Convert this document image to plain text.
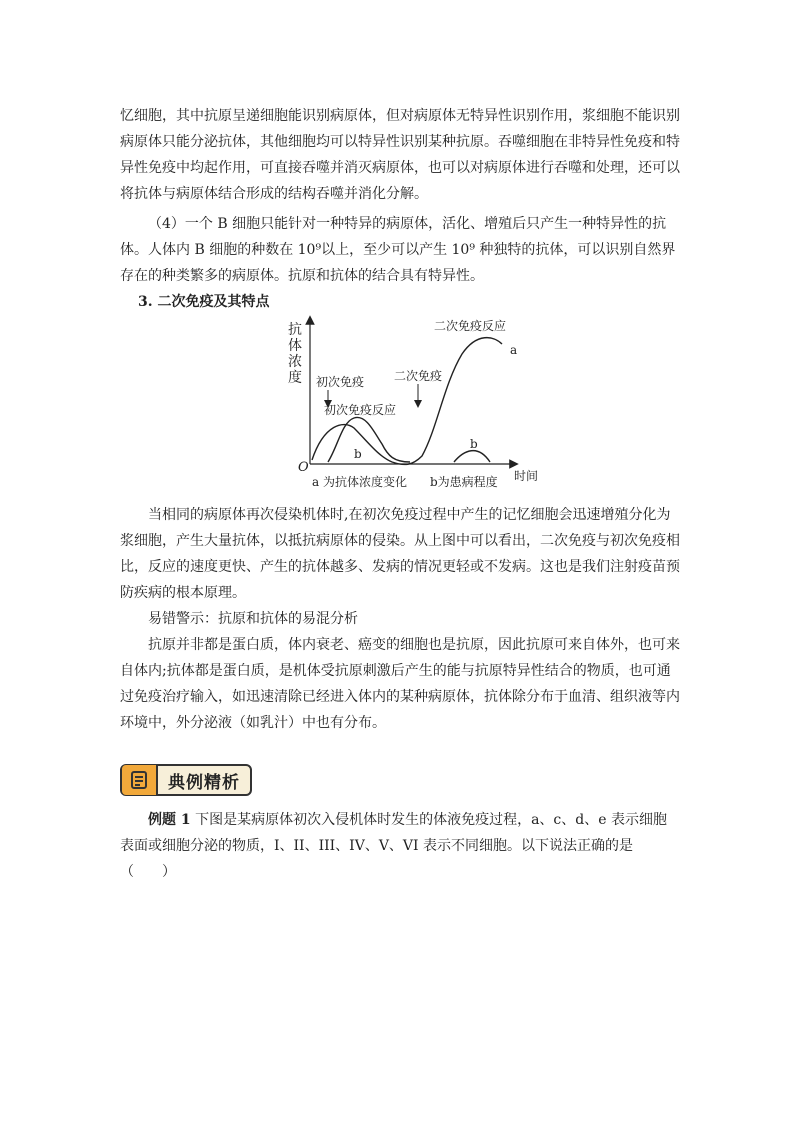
忆细胞，其中抗原呈递细胞能识别病原体，但对病原体无特异性识别作用，浆细胞不能识别病原体只能分泌抗体，其他细胞均可以特异性识别某种抗原。吞噬细胞在非特异性免疫和特异性免疫中均起作用，可直接吞噬并消灭病原体，也可以对病原体进行吞噬和处理，还可以将抗体与病原体结合形成的结构吞噬并消化分解。

（4）一个 B 细胞只能针对一种特异的病原体，活化、增殖后只产生一种特异性的抗体。人体内 B 细胞的种数在 10⁹以上，至少可以产生 10⁹ 种独特的抗体，可以识别自然界存在的种类繁多的病原体。抗原和抗体的结合具有特异性。

3. 二次免疫及其特点

抗
体
浓
度
O
时间
初次免疫
初次免疫反应
二次免疫
二次免疫反应
a
b
b
a 为抗体浓度变化 b为患病程度

当相同的病原体再次侵染机体时,在初次免疫过程中产生的记忆细胞会迅速增殖分化为浆细胞，产生大量抗体，以抵抗病原体的侵染。从上图中可以看出，二次免疫与初次免疫相比，反应的速度更快、产生的抗体越多、发病的情况更轻或不发病。这也是我们注射疫苗预防疾病的根本原理。

易错警示：抗原和抗体的易混分析

抗原并非都是蛋白质，体内衰老、癌变的细胞也是抗原，因此抗原可来自体外，也可来自体内;抗体都是蛋白质，是机体受抗原刺激后产生的能与抗原特异性结合的物质，也可通过免疫治疗输入，如迅速清除已经进入体内的某种病原体，抗体除分布于血清、组织液等内环境中，外分泌液（如乳汁）中也有分布。

典例精析

例题 1 下图是某病原体初次入侵机体时发生的体液免疫过程，a、c、d、e 表示细胞表面或细胞分泌的物质，I、II、III、IV、V、VI 表示不同细胞。以下说法正确的是

（　　）
